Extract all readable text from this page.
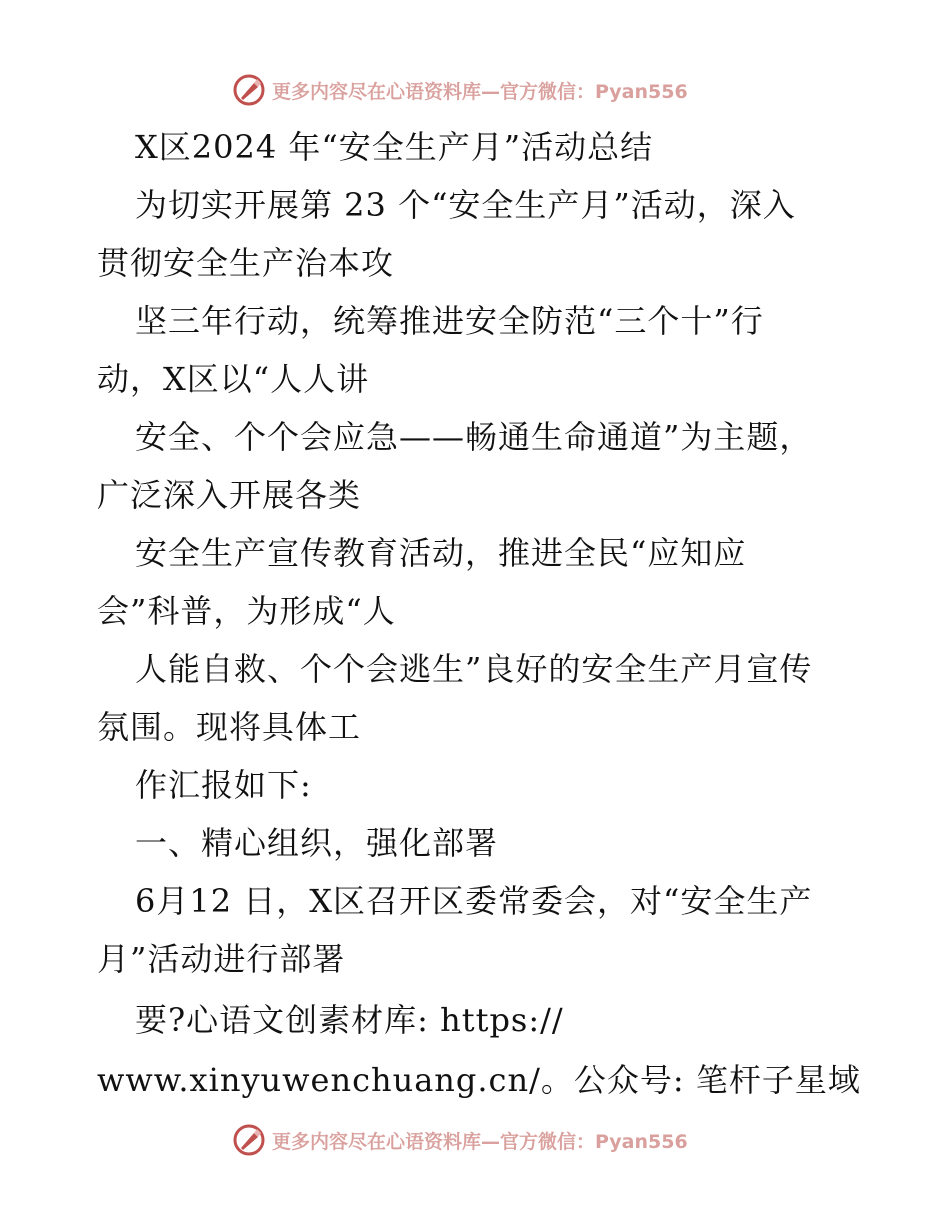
更多内容尽在心语资料库—官方微信：Pyan556
X区2024 年“安全生产月”活动总结
为切实开展第 23 个“安全生产月”活动，深入
贯彻安全生产治本攻
坚三年行动，统筹推进安全防范“三个十”行
动，X区以“人人讲
安全、个个会应急——畅通生命通道”为主题，
广泛深入开展各类
安全生产宣传教育活动，推进全民“应知应
会”科普，为形成“人
人能自救、个个会逃生”良好的安全生产月宣传
氛围。现将具体工
作汇报如下:
一、精心组织，强化部署
6月12 日，X区召开区委常委会，对“安全生产
月”活动进行部署
要?心语文创素材库: https://
www.xinyuwenchuang.cn/。公众号: 笔杆子星域
更多内容尽在心语资料库—官方微信：Pyan556
